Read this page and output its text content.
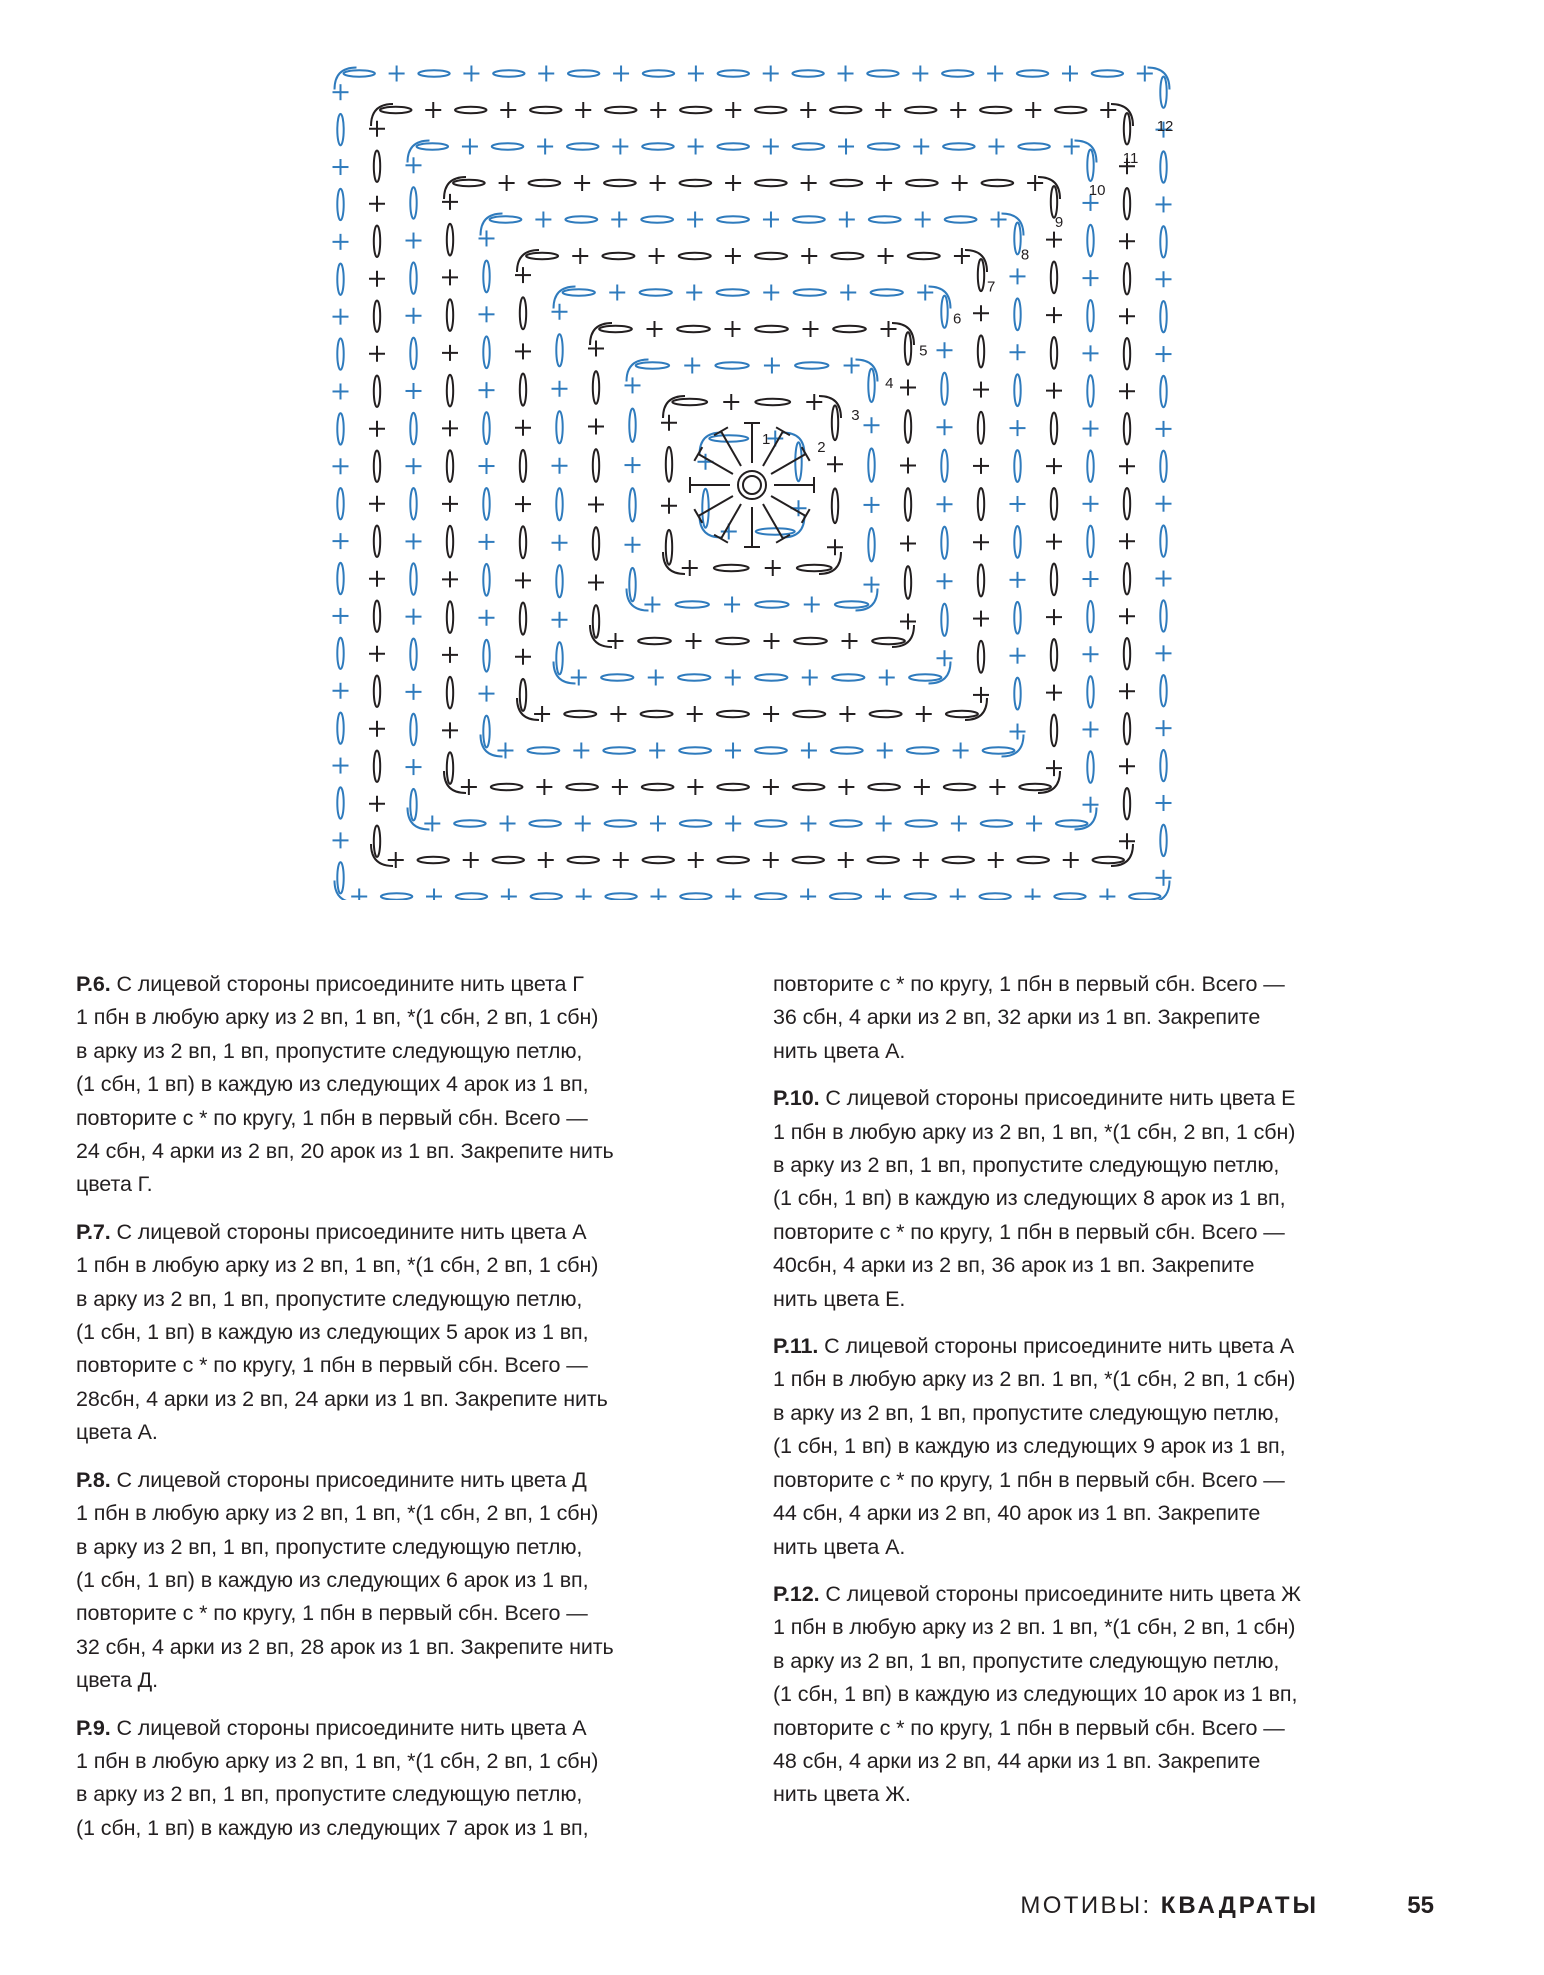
1	2
3
4
5
6
7
8
9
10
11
12
Р.6. С лицевой стороны присоедините нить цвета Г
1 пбн в любую арку из 2 вп, 1 вп, *(1 сбн, 2 вп, 1 сбн)
в арку из 2 вп, 1 вп, пропустите следующую петлю,
(1 сбн, 1 вп) в каждую из следующих 4 арок из 1 вп,
повторите с * по кругу, 1 пбн в первый сбн. Всего —
24 сбн, 4 арки из 2 вп, 20 арок из 1 вп. Закрепите нить
цвета Г.
Р.7. С лицевой стороны присоедините нить цвета А
1 пбн в любую арку из 2 вп, 1 вп, *(1 сбн, 2 вп, 1 сбн)
в арку из 2 вп, 1 вп, пропустите следующую петлю,
(1 сбн, 1 вп) в каждую из следующих 5 арок из 1 вп,
повторите с * по кругу, 1 пбн в первый сбн. Всего —
28сбн, 4 арки из 2 вп, 24 арки из 1 вп. Закрепите нить
цвета А.
Р.8. С лицевой стороны присоедините нить цвета Д
1 пбн в любую арку из 2 вп, 1 вп, *(1 сбн, 2 вп, 1 сбн)
в арку из 2 вп, 1 вп, пропустите следующую петлю,
(1 сбн, 1 вп) в каждую из следующих 6 арок из 1 вп,
повторите с * по кругу, 1 пбн в первый сбн. Всего —
32 сбн, 4 арки из 2 вп, 28 арок из 1 вп. Закрепите нить
цвета Д.
Р.9. С лицевой стороны присоедините нить цвета А
1 пбн в любую арку из 2 вп, 1 вп, *(1 сбн, 2 вп, 1 сбн)
в арку из 2 вп, 1 вп, пропустите следующую петлю,
(1 сбн, 1 вп) в каждую из следующих 7 арок из 1 вп,
повторите с * по кругу, 1 пбн в первый сбн. Всего —
36 сбн, 4 арки из 2 вп, 32 арки из 1 вп. Закрепите
нить цвета А.
Р.10. С лицевой стороны присоедините нить цвета Е
1 пбн в любую арку из 2 вп, 1 вп, *(1 сбн, 2 вп, 1 сбн)
в арку из 2 вп, 1 вп, пропустите следующую петлю,
(1 сбн, 1 вп) в каждую из следующих 8 арок из 1 вп,
повторите с * по кругу, 1 пбн в первый сбн. Всего —
40сбн, 4 арки из 2 вп, 36 арок из 1 вп. Закрепите
нить цвета Е.
Р.11. С лицевой стороны присоедините нить цвета А
1 пбн в любую арку из 2 вп. 1 вп, *(1 сбн, 2 вп, 1 сбн)
в арку из 2 вп, 1 вп, пропустите следующую петлю,
(1 сбн, 1 вп) в каждую из следующих 9 арок из 1 вп,
повторите с * по кругу, 1 пбн в первый сбн. Всего —
44 сбн, 4 арки из 2 вп, 40 арок из 1 вп. Закрепите
нить цвета А.
Р.12. С лицевой стороны присоедините нить цвета Ж
1 пбн в любую арку из 2 вп. 1 вп, *(1 сбн, 2 вп, 1 сбн)
в арку из 2 вп, 1 вп, пропустите следующую петлю,
(1 сбн, 1 вп) в каждую из следующих 10 арок из 1 вп,
повторите с * по кругу, 1 пбн в первый сбн. Всего —
48 сбн, 4 арки из 2 вп, 44 арки из 1 вп. Закрепите
нить цвета Ж.
МОТИВЫ: КВАДРАТЫ	55
